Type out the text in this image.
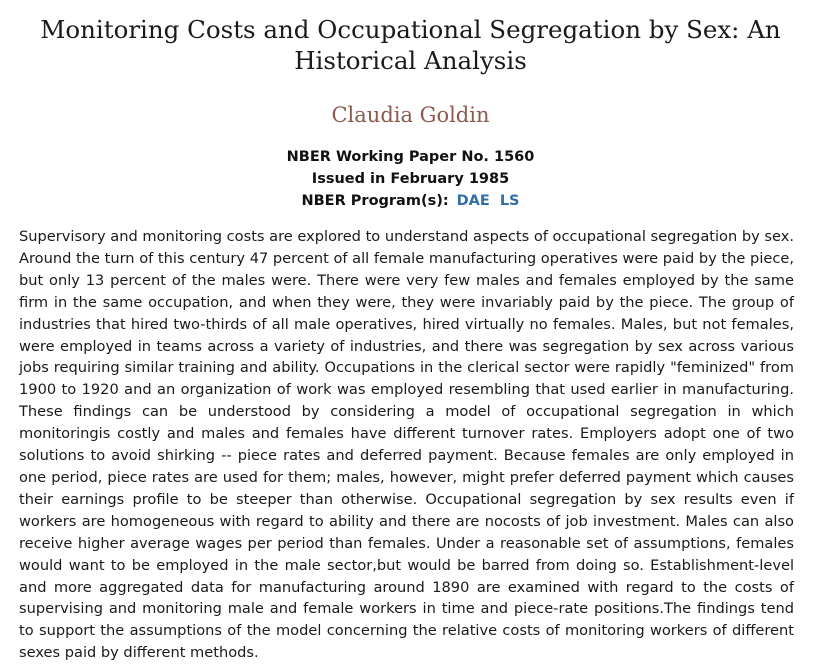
Monitoring Costs and Occupational Segregation by Sex: An Historical Analysis
Claudia Goldin
NBER Working Paper No. 1560
Issued in February 1985
NBER Program(s): DAE LS

Supervisory and monitoring costs are explored to understand aspects of occupational segregation by sex. Around the turn of this century 47 percent of all female manufacturing operatives were paid by the piece, but only 13 percent of the males were. There were very few males and females employed by the same firm in the same occupation, and when they were, they were invariably paid by the piece. The group of industries that hired two-thirds of all male operatives, hired virtually no females. Males, but not females, were employed in teams across a variety of industries, and there was segregation by sex across various jobs requiring similar training and ability. Occupations in the clerical sector were rapidly "feminized" from 1900 to 1920 and an organization of work was employed resembling that used earlier in manufacturing. These findings can be understood by considering a model of occupational segregation in which monitoringis costly and males and females have different turnover rates. Employers adopt one of two solutions to avoid shirking -- piece rates and deferred payment. Because females are only employed in one period, piece rates are used for them; males, however, might prefer deferred payment which causes their earnings profile to be steeper than otherwise. Occupational segregation by sex results even if workers are homogeneous with regard to ability and there are nocosts of job investment. Males can also receive higher average wages per period than females. Under a reasonable set of assumptions, females would want to be employed in the male sector,but would be barred from doing so. Establishment-level and more aggregated data for manufacturing around 1890 are examined with regard to the costs of supervising and monitoring male and female workers in time and piece-rate positions.The findings tend to support the assumptions of the model concerning the relative costs of monitoring workers of different sexes paid by different methods.
